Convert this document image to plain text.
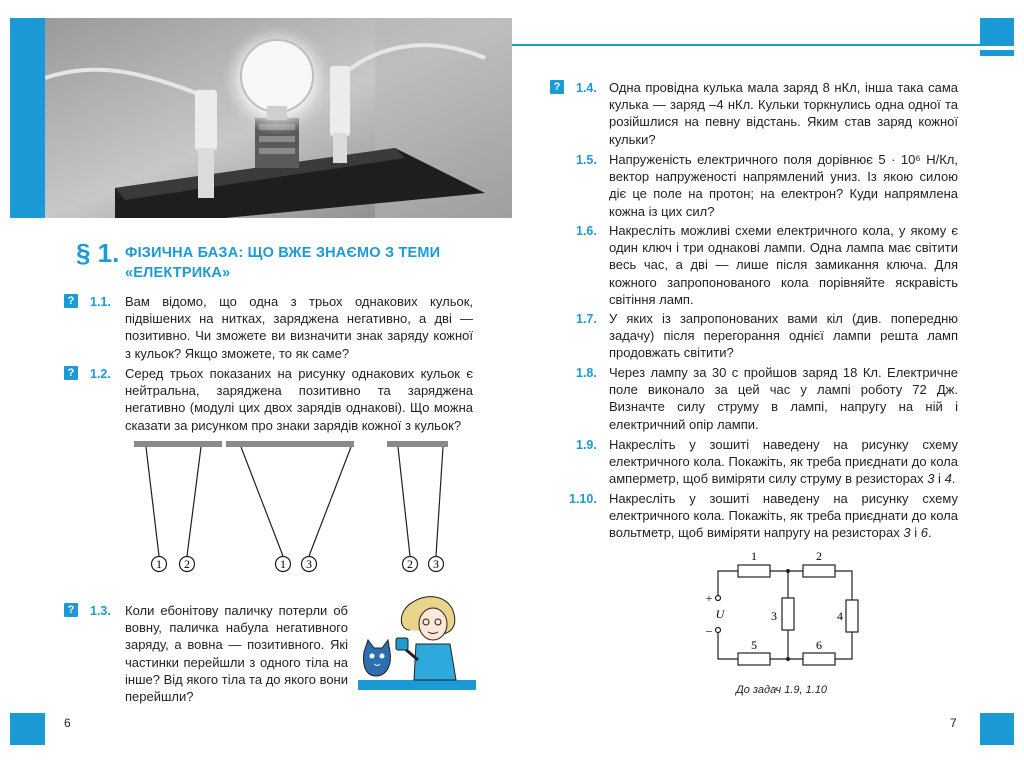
§ 1. ФІЗИЧНА БАЗА: ЩО ВЖЕ ЗНАЄМО З ТЕМИ «ЕЛЕКТРИКА»
? 1.1. Вам відомо, що одна з трьох однакових кульок, підвішених на нитках, заряджена негативно, а дві — позитивно. Чи зможете ви визначити знак заряду кожної з кульок? Якщо зможете, то як саме?
? 1.2. Серед трьох показаних на рисунку однакових кульок є нейтральна, заряджена позитивно та заряджена негативно (модулі цих двох зарядів однакові). Що можна сказати за рисунком про знаки зарядів кожної з кульок?
1 2	1 3	2 3
? 1.3. Коли ебонітову паличку потерли об вовну, паличка набула негативного заряду, а вовна — позитивного. Які частинки перейшли з одного тіла на інше? Від якого тіла та до якого вони перейшли?
6
? 1.4. Одна провідна кулька мала заряд 8 нКл, інша така сама кулька — заряд –4 нКл. Кульки торкнулись одна одної та розійшлися на певну відстань. Яким став заряд кожної кульки?
1.5. Напруженість електричного поля дорівнює 5 · 10⁶ Н/Кл, вектор напруженості напрямлений униз. Із якою силою діє це поле на протон; на електрон? Куди напрямлена кожна із цих сил?
1.6. Накресліть можливі схеми електричного кола, у якому є один ключ і три однакові лампи. Одна лампа має світити весь час, а дві — лише після замикання ключа. Для кожного запропонованого кола порівняйте яскравість світіння ламп.
1.7. У яких із запропонованих вами кіл (див. попередню задачу) після перегорання однієї лампи решта ламп продовжать світити?
1.8. Через лампу за 30 с пройшов заряд 18 Кл. Електричне поле виконало за цей час у лампі роботу 72 Дж. Визначте силу струму в лампі, напругу на ній і електричний опір лампи.
1.9. Накресліть у зошиті наведену на рисунку схему електричного кола. Покажіть, як треба приєднати до кола амперметр, щоб виміряти силу струму в резисторах 3 і 4.
1.10. Накресліть у зошиті наведену на рисунку схему електричного кола. Покажіть, як треба приєднати до кола вольтметр, щоб виміряти напругу на резисторах 3 і 6.
1	2
3	4
5	6
+
–
U
До задач 1.9, 1.10
7
